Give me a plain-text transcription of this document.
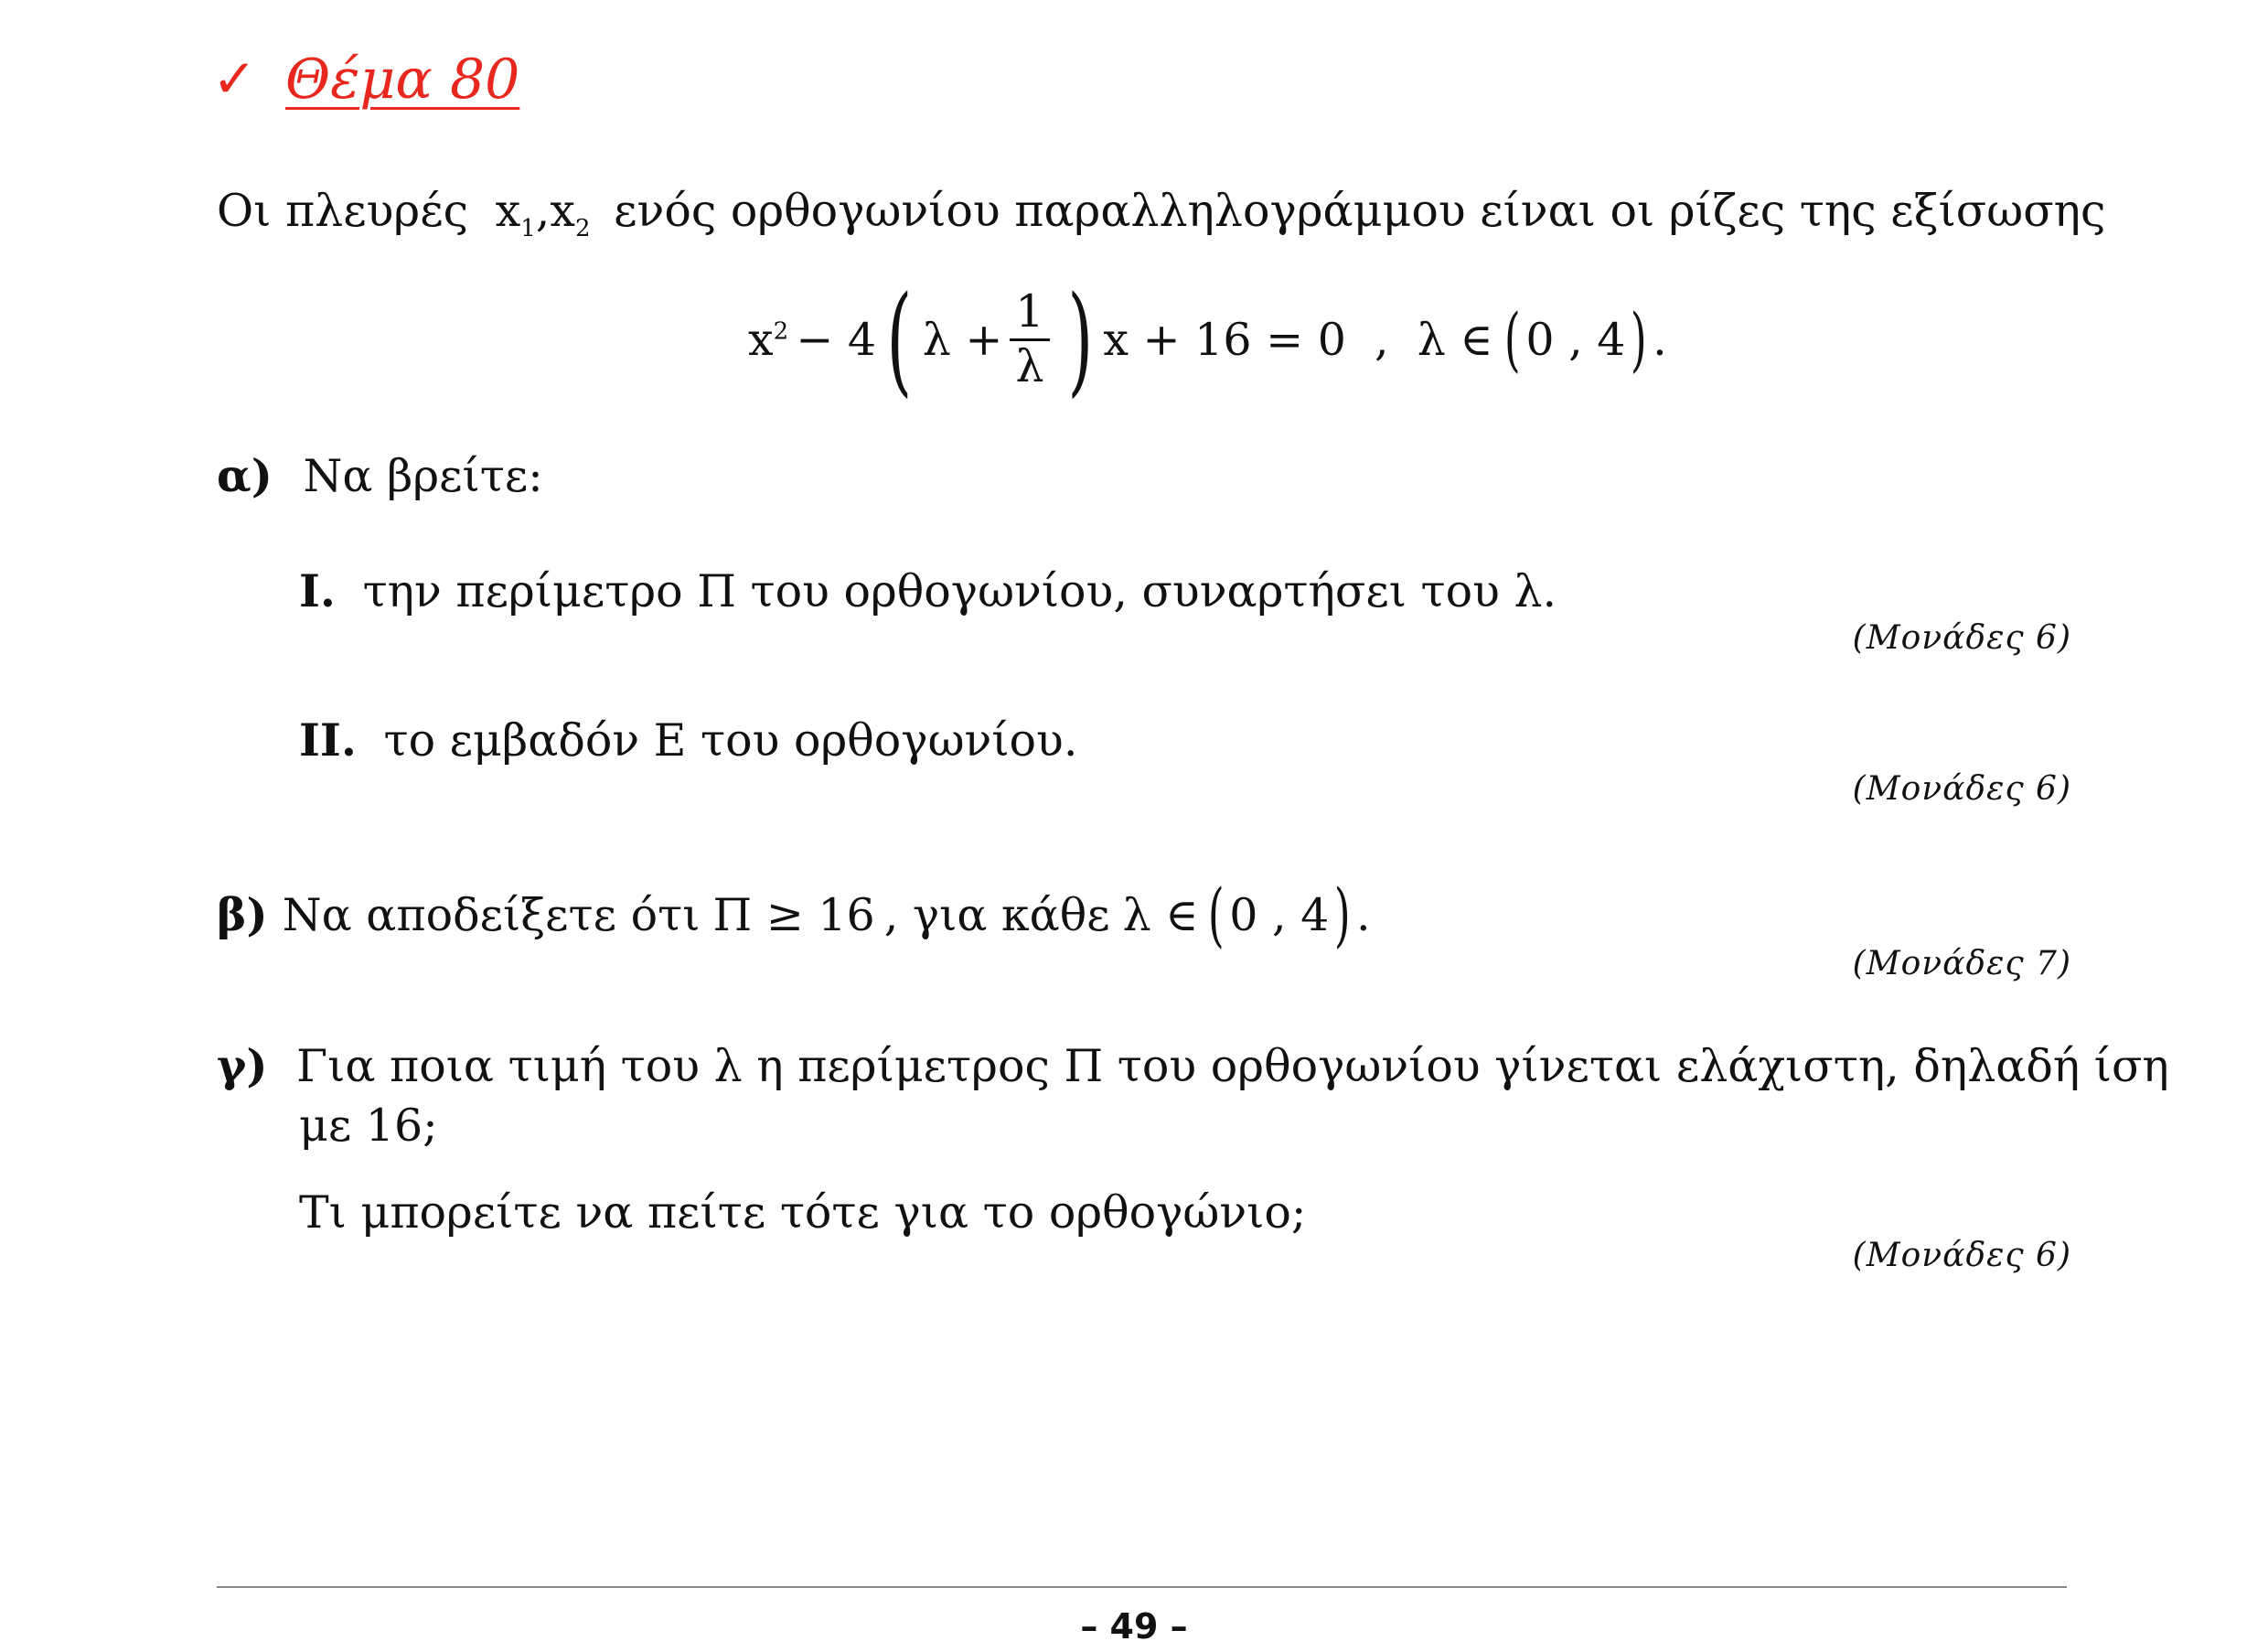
✓ Θέμα 80
Οι πλευρές $x_1,x_2$ ενός ορθογωνίου παραλληλογράμμου είναι οι ρίζες της εξίσωσης
$x^2 - 4$ ( $\lambda + \frac{1}{\lambda}$ ) x + 16 = 0  ,  λ ∈ ( 0 , 4 ) .
α) Να βρείτε:
I. την περίμετρο Π του ορθογωνίου, συναρτήσει του λ.
(Μονάδες 6)
II. το εμβαδόν Ε του ορθογωνίου.
(Μονάδες 6)
β) Να αποδείξετε ότι Π ≥ 16 , για κάθε λ ∈ ( 0 , 4 ) .
(Μονάδες 7)
γ) Για ποια τιμή του λ η περίμετρος Π του ορθογωνίου γίνεται ελάχιστη, δηλαδή ίση
με 16;
Τι μπορείτε να πείτε τότε για το ορθογώνιο;
(Μονάδες 6)
– 49 –
